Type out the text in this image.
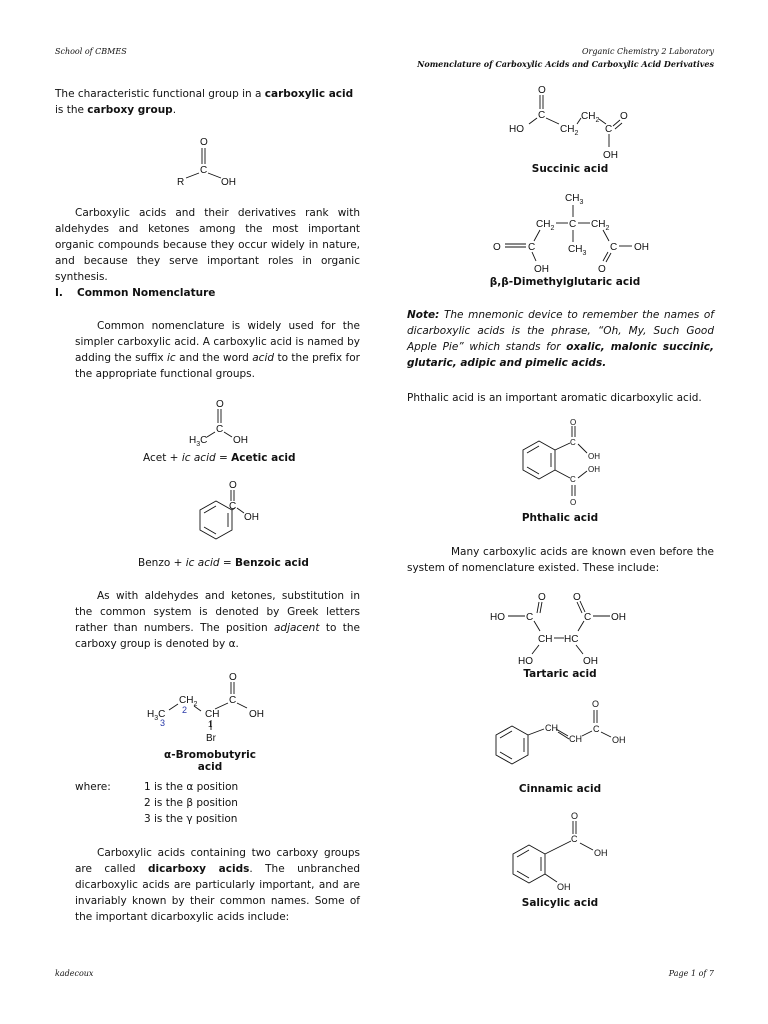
School of CBMES	Organic Chemistry 2 Laboratory
Nomenclature of Carboxylic Acids and Carboxylic Acid Derivatives
The characteristic functional group in a carboxylic acid is the carboxy group.
O
C
R	OH
Carboxylic acids and their derivatives rank with aldehydes and ketones among the most important organic compounds because they occur widely in nature, and because they serve important roles in organic synthesis.
I. Common Nomenclature
Common nomenclature is widely used for the simpler carboxylic acid. A carboxylic acid is named by adding the suffix ic and the word acid to the prefix for the appropriate functional groups.
O
C
$H_3C$	OH
Acet + ic acid = Acetic acid
O
C
OH
Benzo + ic acid = Benzoic acid
As with aldehydes and ketones, substitution in the common system is denoted by Greek letters rather than numbers. The position adjacent to the carboxy group is denoted by α.
O
C
OH
CH
$CH_2$
$H_3C$
3
2
1
Br
α-Bromobutyric acid
where:	1 is the α position
2 is the β position
3 is the γ position
Carboxylic acids containing two carboxy groups are called dicarboxy acids. The unbranched dicarboxylic acids are particularly important, and are invariably known by their common names. Some of the important dicarboxylic acids include:
O
C
HO	$CH_2$
$CH_2$
C
O
OH
Succinic acid
$CH_3$
$CH_2$ C $CH_2$
$CH_3$
C
O
OH
C OH
O
β,β-Dimethylglutaric acid
Note: The mnemonic device to remember the names of dicarboxylic acids is the phrase, “Oh, My, Such Good Apple Pie” which stands for oxalic, malonic succinic, glutaric, adipic and pimelic acids.
Phthalic acid is an important aromatic dicarboxylic acid.
C
O
OH
C
O
OH
Phthalic acid
Many carboxylic acids are known even before the system of nomenclature existed. These include:
O
HO C
CH HC
C
O
OH
HO	OH
Tartaric acid
CH
CH
C
O
OH
Cinnamic acid
C
O
OH
OH
Salicylic acid
kadecoux	Page 1 of 7
